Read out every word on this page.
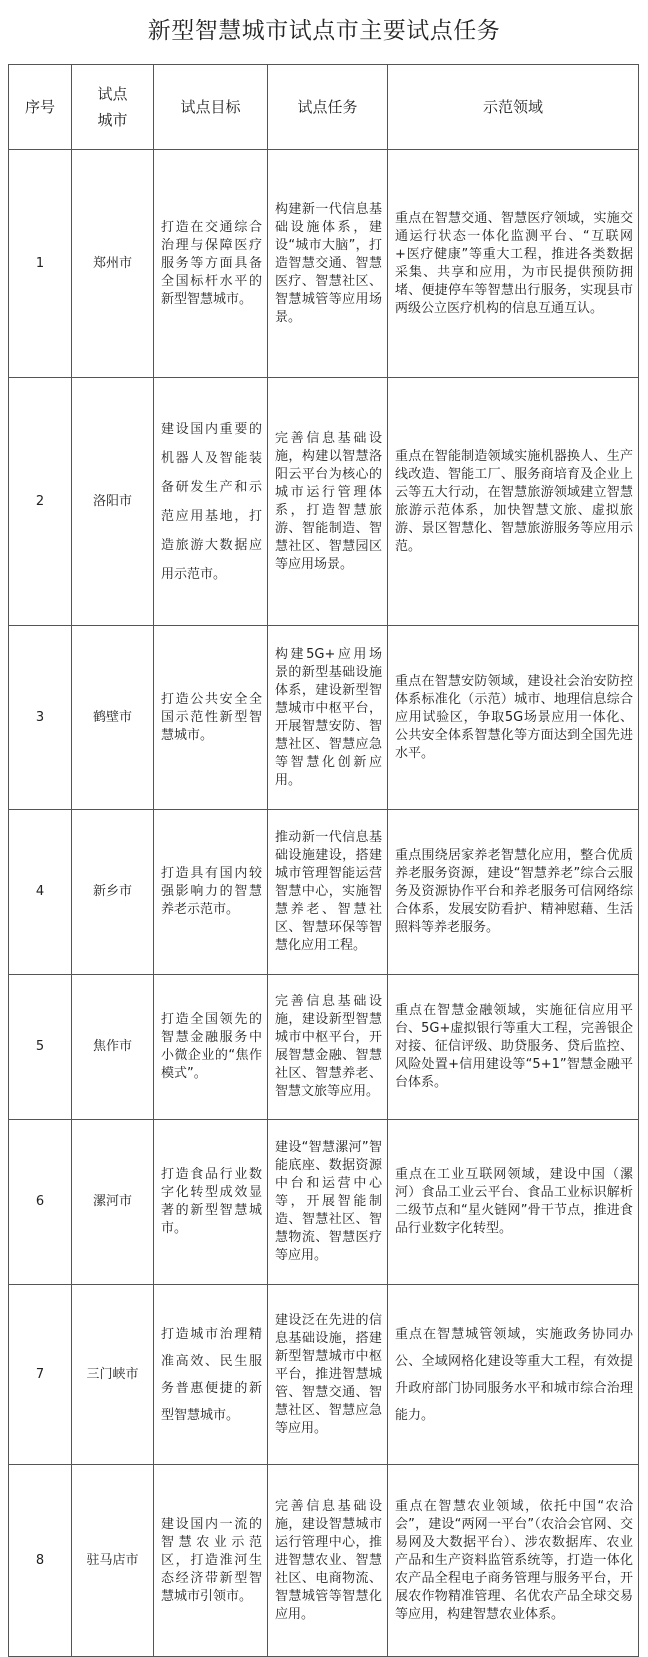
新型智慧城市试点市主要试点任务
序号	试点城市	试点目标	试点任务	示范领域
1	郑州市	打造在交通综合治理与保障医疗服务等方面具备全国标杆水平的新型智慧城市。	构建新一代信息基础设施体系，建设“城市大脑”，打造智慧交通、智慧医疗、智慧社区、智慧城管等应用场景。	重点在智慧交通、智慧医疗领域，实施交通运行状态一体化监测平台、“互联网+医疗健康”等重大工程，推进各类数据采集、共享和应用，为市民提供预防拥堵、便捷停车等智慧出行服务，实现县市两级公立医疗机构的信息互通互认。
2	洛阳市	建设国内重要的机器人及智能装备研发生产和示范应用基地，打造旅游大数据应用示范市。	完善信息基础设施，构建以智慧洛阳云平台为核心的城市运行管理体系，打造智慧旅游、智能制造、智慧社区、智慧园区等应用场景。	重点在智能制造领域实施机器换人、生产线改造、智能工厂、服务商培育及企业上云等五大行动，在智慧旅游领域建立智慧旅游示范体系，加快智慧文旅、虚拟旅游、景区智慧化、智慧旅游服务等应用示范。
3	鹤壁市	打造公共安全全国示范性新型智慧城市。	构建5G+应用场景的新型基础设施体系，建设新型智慧城市中枢平台，开展智慧安防、智慧社区、智慧应急等智慧化创新应用。	重点在智慧安防领域，建设社会治安防控体系标准化（示范）城市、地理信息综合应用试验区，争取5G场景应用一体化、公共安全体系智慧化等方面达到全国先进水平。
4	新乡市	打造具有国内较强影响力的智慧养老示范市。	推动新一代信息基础设施建设，搭建城市管理智能运营智慧中心，实施智慧养老、智慧社区、智慧环保等智慧化应用工程。	重点围绕居家养老智慧化应用，整合优质养老服务资源，建设“智慧养老”综合云服务及资源协作平台和养老服务可信网络综合体系，发展安防看护、精神慰藉、生活照料等养老服务。
5	焦作市	打造全国领先的智慧金融服务中小微企业的“焦作模式”。	完善信息基础设施，建设新型智慧城市中枢平台，开展智慧金融、智慧社区、智慧养老、智慧文旅等应用。	重点在智慧金融领域，实施征信应用平台、5G+虚拟银行等重大工程，完善银企对接、征信评级、助贷服务、贷后监控、风险处置+信用建设等“5+1”智慧金融平台体系。
6	漯河市	打造食品行业数字化转型成效显著的新型智慧城市。	建设“智慧漯河”智能底座、数据资源中台和运营中心等，开展智能制造、智慧社区、智慧物流、智慧医疗等应用。	重点在工业互联网领域，建设中国（漯河）食品工业云平台、食品工业标识解析二级节点和“星火链网”骨干节点，推进食品行业数字化转型。
7	三门峡市	打造城市治理精准高效、民生服务普惠便捷的新型智慧城市。	建设泛在先进的信息基础设施，搭建新型智慧城市中枢平台，推进智慧城管、智慧交通、智慧社区、智慧应急等应用。	重点在智慧城管领域，实施政务协同办公、全域网格化建设等重大工程，有效提升政府部门协同服务水平和城市综合治理能力。
8	驻马店市	建设国内一流的智慧农业示范区，打造淮河生态经济带新型智慧城市引领市。	完善信息基础设施，建设智慧城市运行管理中心，推进智慧农业、智慧社区、电商物流、智慧城管等智慧化应用。	重点在智慧农业领域，依托中国“农洽会”，建设“两网一平台”（农洽会官网、交易网及大数据平台）、涉农数据库、农业产品和生产资料监管系统等，打造一体化农产品全程电子商务管理与服务平台，开展农作物精准管理、名优农产品全球交易等应用，构建智慧农业体系。
